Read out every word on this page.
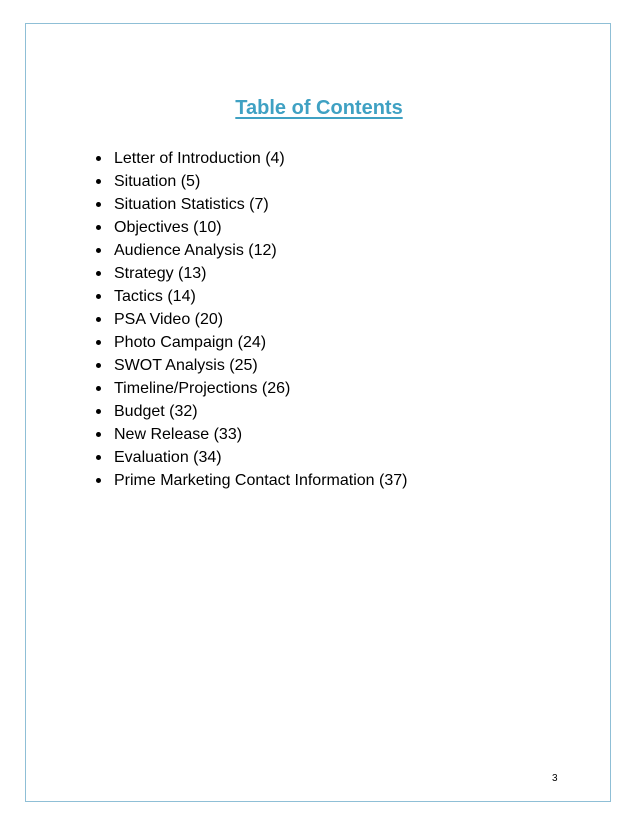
Table of Contents
Letter of Introduction (4)
Situation (5)
Situation Statistics (7)
Objectives (10)
Audience Analysis (12)
Strategy (13)
Tactics (14)
PSA Video (20)
Photo Campaign (24)
SWOT Analysis (25)
Timeline/Projections (26)
Budget (32)
New Release (33)
Evaluation (34)
Prime Marketing Contact Information (37)
3
